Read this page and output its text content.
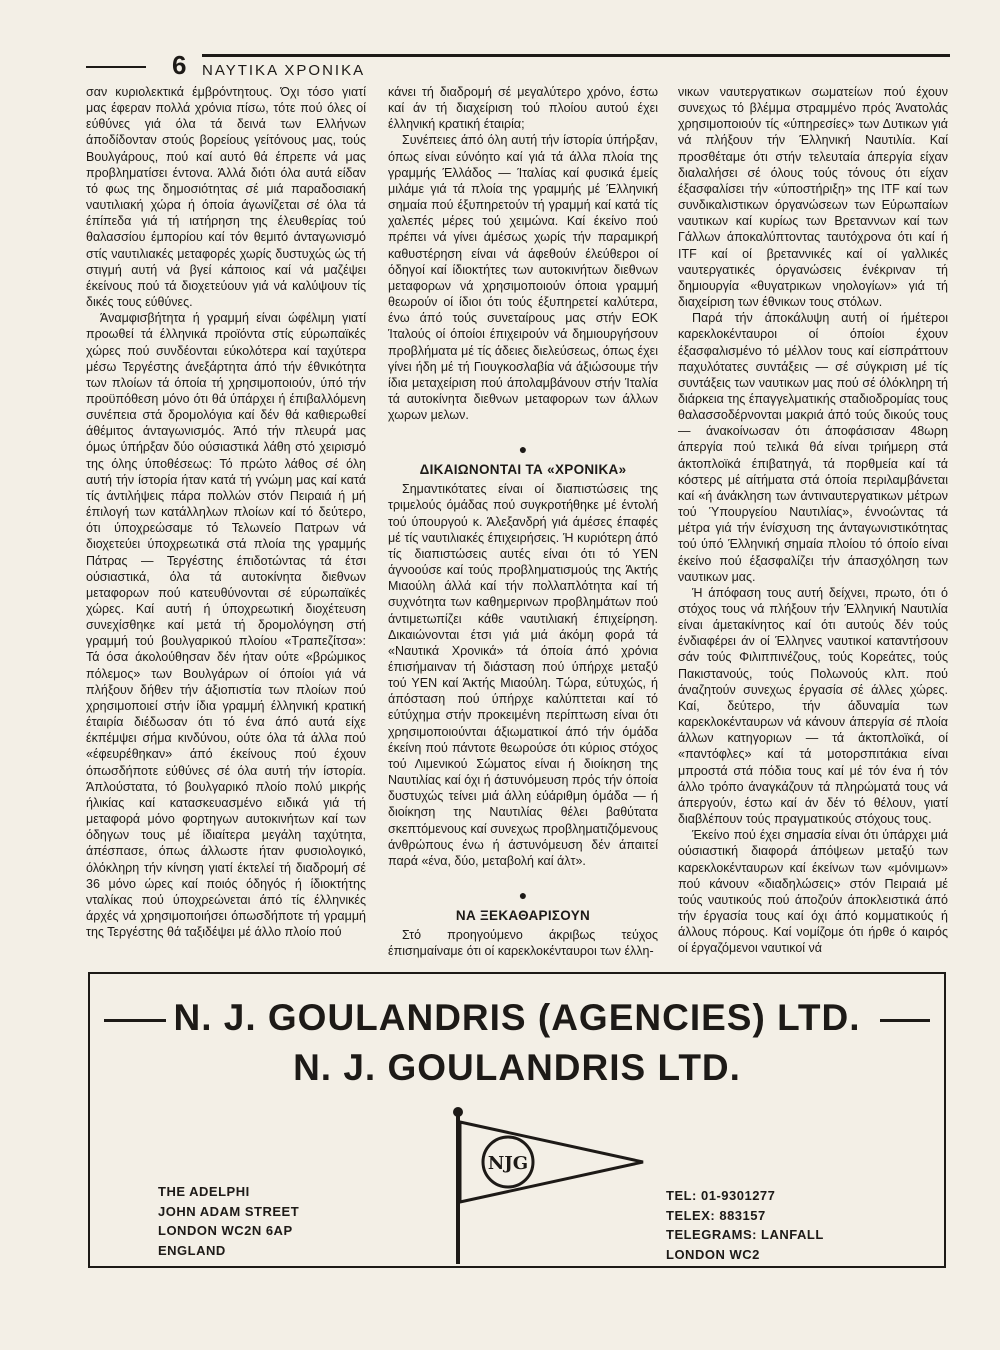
6 ΝΑΥΤΙΚΑ ΧΡΟΝΙΚΑ

σαν κυριολεκτικά έμβρόντητους. Όχι τόσο γιατί μας έφεραν πολλά χρόνια πίσω, τότε πού όλες οί εύθύνες γιά όλα τά δεινά των Ελλήνων άποδίδονταν στούς βορείους γείτόνους μας, τούς Βουλγάρους, πού καί αυτό θά έπρεπε νά μας προβληματίσει έντονα. Άλλά διότι όλα αυτά είδαν τό φως της δημοσιότητας σέ μιά παραδοσιακή ναυτιλιακή χώρα ή όποία άγωνίζεται σέ όλα τά έπίπεδα γιά τή ιατήρηση της έλευθερίας τού θαλασσίου έμπορίου καί τόν θεμιτό άνταγωνισμό στίς ναυτιλιακές μεταφορές χωρίς δυστυχώς ώς τή στιγμή αυτή νά βγεί κάποιος καί νά μαζέψει έκείνους πού τά διοχετεύουν γιά νά καλύψουν τίς δικές τους εύθύνες.

Άναμφισβήτητα ή γραμμή είναι ώφέλιμη γιατί προωθεί τά έλληνικά προϊόντα στίς εύρωπαϊκές χώρες πού συνδέονται εύκολότερα καί ταχύτερα μέσω Τεργέστης άνεξάρτητα άπό τήν έθνικότητα των πλοίων τά όποία τή χρησιμοποιούν, ύπό τήν προϋπόθεση μόνο ότι θά ύπάρχει ή έπιβαλλόμενη συνέπεια στά δρομολόγια καί δέν θά καθιερωθεί άθέμιτος άνταγωνισμός. Άπό τήν πλευρά μας όμως ύπήρξαν δύο ούσιαστικά λάθη στό χειρισμό της όλης ύποθέσεως: Τό πρώτο λάθος σέ όλη αυτή τήν ίστορία ήταν κατά τή γνώμη μας καί κατά τίς άντιλήψεις πάρα πολλών στόν Πειραιά ή μή έπιλογή των κατάλληλων πλοίων καί τό δεύτερο, ότι ύποχρεώσαμε τό Τελωνείο Πατρων νά διοχετεύει ύποχρεωτικά στά πλοία της γραμμής Πάτρας — Τεργέστης έπιδοτώντας τά έτσι ούσιαστικά, όλα τά αυτοκίνητα διεθνων μεταφορων πού κατευθύνονται σέ εύρωπαϊκές χώρες. Καί αυτή ή ύποχρεωτική διοχέτευση συνεχίσθηκε καί μετά τή δρομολόγηση στή γραμμή τού βουλγαρικού πλοίου «Τραπεζίτσα»: Τά όσα άκολούθησαν δέν ήταν ούτε «βρώμικος πόλεμος» των Βουλγάρων οί όποίοι γιά νά πλήξουν δήθεν τήν άξιοπιστία των πλοίων πού χρησιμοποιεί στήν ίδια γραμμή έλληνική κρατική έταιρία διέδωσαν ότι τό ένα άπό αυτά είχε έκπέμψει σήμα κινδύνου, ούτε όλα τά άλλα πού «έφευρέθηκαν» άπό έκείνους πού έχουν όπωσδήποτε εύθύνες σέ όλα αυτή τήν ίστορία. Άπλούστατα, τό βουλγαρικό πλοίο πολύ μικρής ήλικίας καί κατασκευασμένο ειδικά γιά τή μεταφορά μόνο φορτηγων αυτοκινήτων καί των όδηγων τους μέ ίδιαίτερα μεγάλη ταχύτητα, άπέσπασε, όπως άλλωστε ήταν φυσιολογικό, όλόκληρη τήν κίνηση γιατί έκτελεί τή διαδρομή σέ 36 μόνο ώρες καί ποιός όδηγός ή ίδιοκτήτης νταλίκας πού ύποχρεώνεται άπό τίς έλληνικές άρχές νά χρησιμοποιήσει όπωσδήποτε τή γραμμή της Τεργέστης θά ταξιδέψει μέ άλλο πλοίο πού

κάνει τή διαδρομή σέ μεγαλύτερο χρόνο, έστω καί άν τή διαχείριση τού πλοίου αυτού έχει έλληνική κρατική έταιρία;

Συνέπειες άπό όλη αυτή τήν ίστορία ύπήρξαν, όπως είναι εύνόητο καί γιά τά άλλα πλοία της γραμμής Έλλάδος — Ίταλίας καί φυσικά έμείς μιλάμε γιά τά πλοία της γραμμής μέ Έλληνική σημαία πού έξυπηρετούν τή γραμμή καί κατά τίς χαλεπές μέρες τού χειμώνα. Καί έκείνο πού πρέπει νά γίνει άμέσως χωρίς τήν παραμικρή καθυστέρηση είναι νά άφεθούν έλεύθεροι οί όδηγοί καί ίδιοκτήτες των αυτοκινήτων διεθνων μεταφορων νά χρησιμοποιούν όποια γραμμή θεωρούν οί ίδιοι ότι τούς έξυπηρετεί καλύτερα, ένω άπό τούς συνεταίρους μας στήν ΕΟΚ Ίταλούς οί όποίοι έπιχειρούν νά δημιουργήσουν προβλήματα μέ τίς άδειες διελεύσεως, όπως έχει γίνει ήδη μέ τή Γιουγκοσλαβία νά άξιώσουμε τήν ίδια μεταχείριση πού άπολαμβάνουν στήν Ίταλία τά αυτοκίνητα διεθνων μεταφορων των άλλων χωρων μελων.

●
ΔΙΚΑΙΩΝΟΝΤΑΙ ΤΑ «ΧΡΟΝΙΚΑ»

Σημαντικότατες είναι οί διαπιστώσεις της τριμελούς όμάδας πού συγκροτήθηκε μέ έντολή τού ύπουργού κ. Άλεξανδρή γιά άμέσες έπαφές μέ τίς ναυτιλιακές έπιχειρήσεις. Ή κυριότερη άπό τίς διαπιστώσεις αυτές είναι ότι τό ΥΕΝ άγνοούσε καί τούς προβληματισμούς της Άκτής Μιαούλη άλλά καί τήν πολλαπλότητα καί τή συχνότητα των καθημερινων προβλημάτων πού άντιμετωπίζει κάθε ναυτιλιακή έπιχείρηση. Δικαιώνονται έτσι γιά μιά άκόμη φορά τά «Ναυτικά Χρονικά» τά όποία άπό χρόνια έπισήμαιναν τή διάσταση πού ύπήρχε μεταξύ τού ΥΕΝ καί Άκτής Μιαούλη. Τώρα, εύτυχώς, ή άπόσταση πού ύπήρχε καλύπτεται καί τό εύτύχημα στήν προκειμένη περίπτωση είναι ότι χρησιμοποιούνται άξιωματικοί άπό τήν όμάδα έκείνη πού πάντοτε θεωρούσε ότι κύριος στόχος τού Λιμενικού Σώματος είναι ή διοίκηση της Ναυτιλίας καί όχι ή άστυνόμευση πρός τήν όποία δυστυχώς τείνει μιά άλλη εύάριθμη όμάδα — ή διοίκηση της Ναυτιλίας θέλει βαθύτατα σκεπτόμενους καί συνεχως προβληματιζόμενους άνθρώπους ένω ή άστυνόμευση δέν άπαιτεί παρά «ένα, δύο, μεταβολή καί άλτ».

●
ΝΑ ΞΕΚΑΘΑΡΙΣΟΥΝ

Στό προηγούμενο άκριβως τεύχος έπισημαίναμε ότι οί καρεκλοκένταυροι των έλλη-

νικων ναυτεργατικων σωματείων πού έχουν συνεχως τό βλέμμα στραμμένο πρός Άνατολάς χρησιμοποιούν τίς «ύπηρεσίες» των Δυτικων γιά νά πλήξουν τήν Έλληνική Ναυτιλία. Καί προσθέταμε ότι στήν τελευταία άπεργία είχαν διαλαλήσει σέ όλους τούς τόνους ότι είχαν έξασφαλίσει τήν «ύποστήριξη» της ITF καί των συνδικαλιστικων όργανώσεων των Εύρωπαίων ναυτικων καί κυρίως των Βρεταννων καί των Γάλλων άποκαλύπτοντας ταυτόχρονα ότι καί ή ITF καί οί βρεταννικές καί οί γαλλικές ναυτεργατικές όργανώσεις ένέκριναν τή δημιουργία «θυγατρικων νηολογίων» γιά τή διαχείριση των έθνικων τους στόλων.

Παρά τήν άποκάλυψη αυτή οί ήμέτεροι καρεκλοκένταυροι οί όποίοι έχουν έξασφαλισμένο τό μέλλον τους καί είσπράττουν παχυλότατες συντάξεις — σέ σύγκριση μέ τίς συντάξεις των ναυτικων μας πού σέ όλόκληρη τή διάρκεια της έπαγγελματικής σταδιοδρομίας τους θαλασσοδέρνονται μακριά άπό τούς δικούς τους — άνακοίνωσαν ότι άποφάσισαν 48ωρη άπεργία πού τελικά θά είναι τριήμερη στά άκτοπλοϊκά έπιβατηγά, τά πορθμεία καί τά κόστερς μέ αίτήματα στά όποία περιλαμβάνεται καί «ή άνάκληση των άντιναυτεργατικων μέτρων τού Ύπουργείου Ναυτιλίας», έννοώντας τά μέτρα γιά τήν ένίσχυση της άνταγωνιστικότητας τού ύπό Έλληνική σημαία πλοίου τό όποίο είναι έκείνο πού έξασφαλίζει τήν άπασχόληση των ναυτικων μας.

Ή άπόφαση τους αυτή δείχνει, πρωτο, ότι ό στόχος τους νά πλήξουν τήν Έλληνική Ναυτιλία είναι άμετακίνητος καί ότι αυτούς δέν τούς ένδιαφέρει άν οί Έλληνες ναυτικοί καταντήσουν σάν τούς Φιλιππινέζους, τούς Κορεάτες, τούς Πακιστανούς, τούς Πολωνούς κλπ. πού άναζητούν συνεχως έργασία σέ άλλες χώρες. Καί, δεύτερο, τήν άδυναμία των καρεκλοκένταυρων νά κάνουν άπεργία σέ πλοία άλλων κατηγοριων — τά άκτοπλοϊκά, οί «παντόφλες» καί τά μοτορσπιτάκια είναι μπροστά στά πόδια τους καί μέ τόν ένα ή τόν άλλο τρόπο άναγκάζουν τά πληρώματά τους νά άπεργούν, έστω καί άν δέν τό θέλουν, γιατί διαβλέπουν τούς πραγματικούς στόχους τους.

Έκείνο πού έχει σημασία είναι ότι ύπάρχει μιά ούσιαστική διαφορά άπόψεων μεταξύ των καρεκλοκένταυρων καί έκείνων των «μόνιμων» πού κάνουν «διαδηλώσεις» στόν Πειραιά μέ τούς ναυτικούς πού άποζούν άποκλειστικά άπό τήν έργασία τους καί όχι άπό κομματικούς ή άλλους πόρους. Καί νομίζομε ότι ήρθε ό καιρός οί έργαζόμενοι ναυτικοί νά

N. J. GOULANDRIS (AGENCIES) LTD.
N. J. GOULANDRIS LTD.
NJG
THE ADELPHI
JOHN ADAM STREET
LONDON WC2N 6AP
ENGLAND
TEL: 01-9301277
TELEX: 883157
TELEGRAMS: LANFALL
LONDON WC2
